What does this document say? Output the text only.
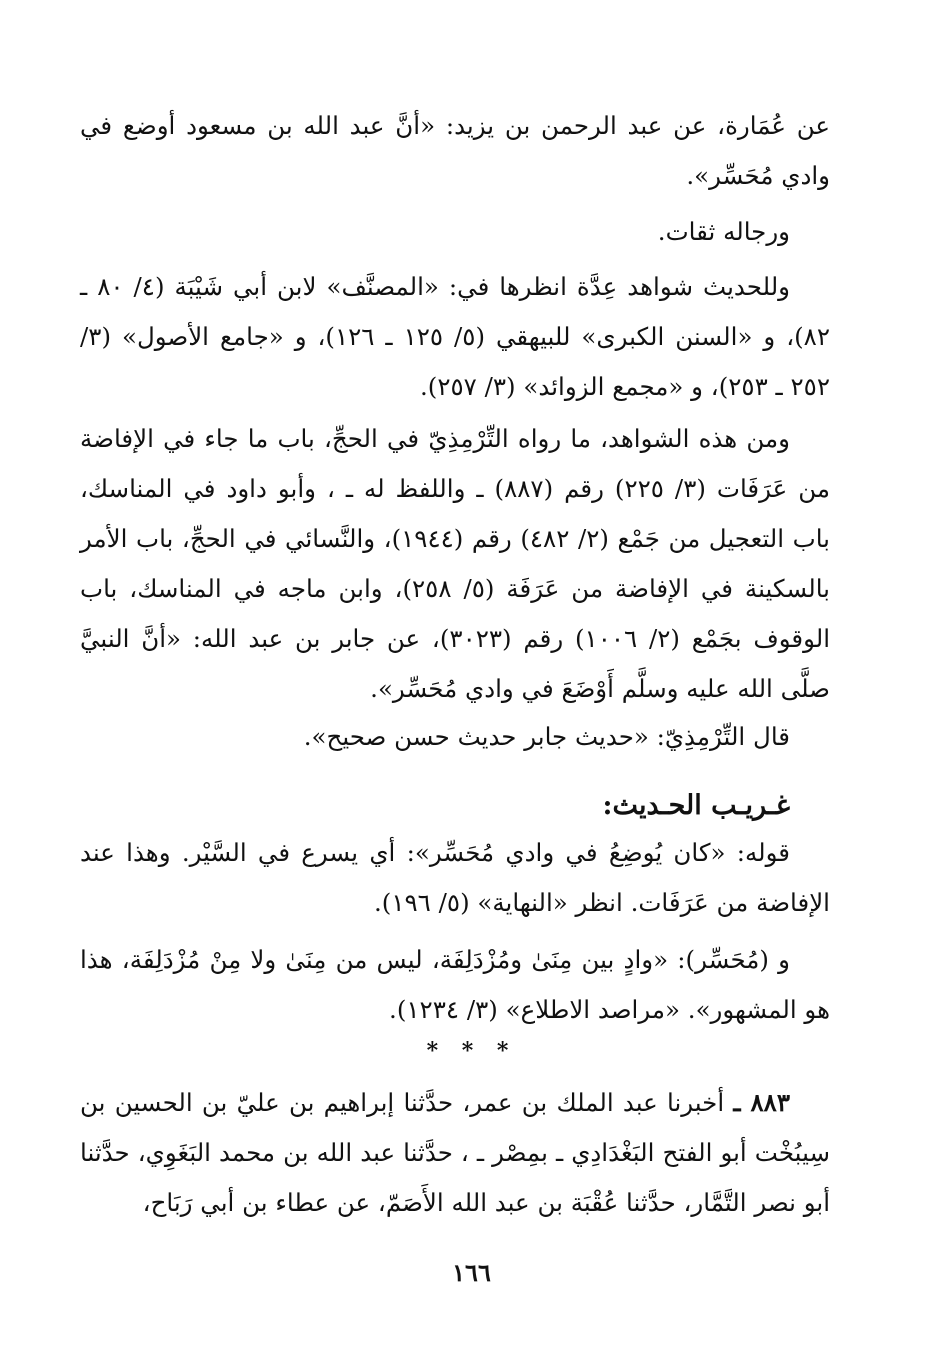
عن عُمَارة، عن عبد الرحمن بن يزيد: «أنَّ عبد الله بن مسعود أوضع في وادي مُحَسِّر».
ورجاله ثقات.
وللحديث شواهد عِدَّة انظرها في: «المصنَّف» لابن أبي شَيْبَة (٤/ ٨٠ ـ ٨٢)، و «السنن الكبرى» للبيهقي (٥/ ١٢٥ ـ ١٢٦)، و «جامع الأصول» (٣/ ٢٥٢ ـ ٢٥٣)، و «مجمع الزوائد» (٣/ ٢٥٧).
ومن هذه الشواهد، ما رواه التِّرْمِذِيّ في الحجِّ، باب ما جاء في الإفاضة من عَرَفَات (٣/ ٢٢٥) رقم (٨٨٧) ـ واللفظ له ـ ، وأبو داود في المناسك، باب التعجيل من جَمْع (٢/ ٤٨٢) رقم (١٩٤٤)، والنَّسائي في الحجِّ، باب الأمر بالسكينة في الإفاضة من عَرَفَة (٥/ ٢٥٨)، وابن ماجه في المناسك، باب الوقوف بجَمْع (٢/ ١٠٠٦) رقم (٣٠٢٣)، عن جابر بن عبد الله: «أنَّ النبيَّ صلَّى الله عليه وسلَّم أَوْضَعَ في وادي مُحَسِّر».
قال التِّرْمِذِيّ: «حديث جابر حديث حسن صحيح».
غـريـب الحـديث:
قوله: «كان يُوضِعُ في وادي مُحَسِّر»: أي يسرع في السَّيْر. وهذا عند الإفاضة من عَرَفَات. انظر «النهاية» (٥/ ١٩٦).
و (مُحَسِّر): «وادٍ بين مِنَىٰ ومُزْدَلِفَة، ليس من مِنَىٰ ولا مِنْ مُزْدَلِفَة، هذا هو المشهور». «مراصد الاطلاع» (٣/ ١٢٣٤).
* * *
٨٨٣ ـ أخبرنا عبد الملك بن عمر، حدَّثنا إبراهيم بن عليّ بن الحسين بن سِيبُخْت أبو الفتح البَغْدَادِي ـ بمِصْر ـ ، حدَّثنا عبد الله بن محمد البَغَوِي، حدَّثنا أبو نصر التَّمَّار، حدَّثنا عُقْبَة بن عبد الله الأَصَمّ، عن عطاء بن أبي رَبَاح،
١٦٦
